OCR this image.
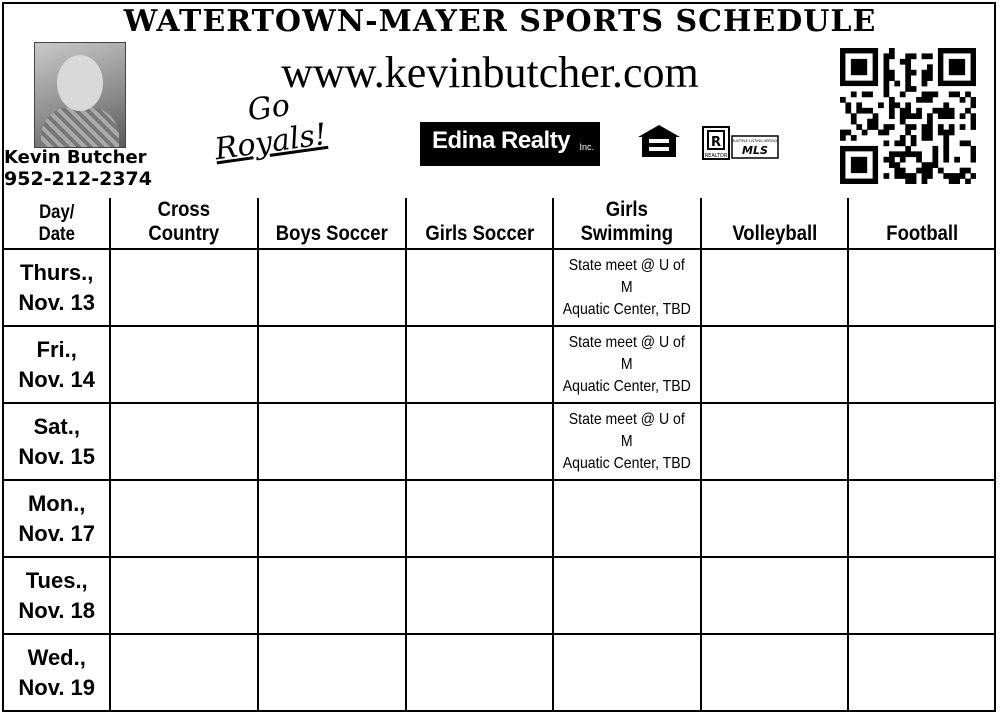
WATERTOWN-MAYER SPORTS SCHEDULE
www.kevinbutcher.com
Kevin Butcher
952-212-2374
Go
Royals!	Edina Realty Inc.	R
REALTOR
MULTIPLE LISTING SERVICE
MLS
Day/
Date	Cross Country	Boys Soccer	Girls Soccer	Girls Swimming	Volleyball	Football
Thurs.,
Nov. 13				State meet @ U of M
Aquatic Center, TBD		
Fri.,
Nov. 14				State meet @ U of M
Aquatic Center, TBD		
Sat.,
Nov. 15				State meet @ U of M
Aquatic Center, TBD		
Mon.,
Nov. 17						
Tues.,
Nov. 18						
Wed.,
Nov. 19						
